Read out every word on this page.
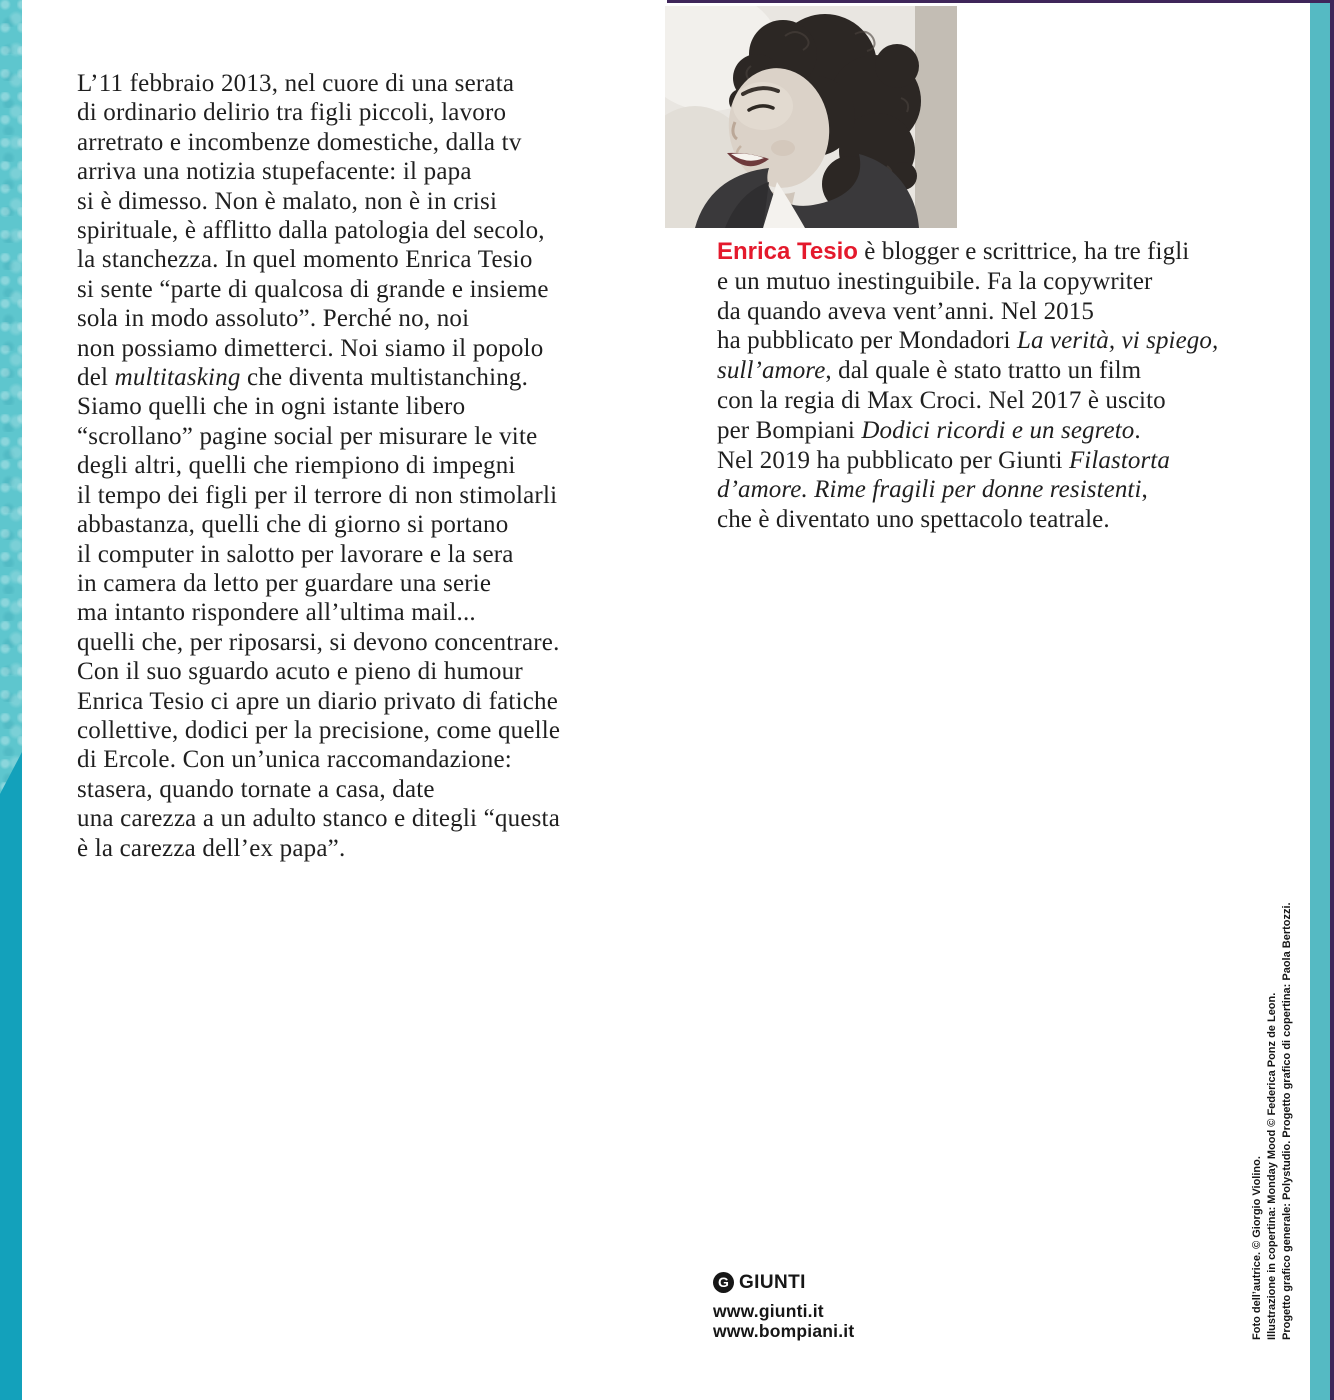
L’11 febbraio 2013, nel cuore di una serata
di ordinario delirio tra figli piccoli, lavoro
arretrato e incombenze domestiche, dalla tv
arriva una notizia stupefacente: il papa
si è dimesso. Non è malato, non è in crisi
spirituale, è afflitto dalla patologia del secolo,
la stanchezza. In quel momento Enrica Tesio
si sente “parte di qualcosa di grande e insieme
sola in modo assoluto”. Perché no, noi
non possiamo dimetterci. Noi siamo il popolo
del multitasking che diventa multistanching.
Siamo quelli che in ogni istante libero
“scrollano” pagine social per misurare le vite
degli altri, quelli che riempiono di impegni
il tempo dei figli per il terrore di non stimolarli
abbastanza, quelli che di giorno si portano
il computer in salotto per lavorare e la sera
in camera da letto per guardare una serie
ma intanto rispondere all’ultima mail...
quelli che, per riposarsi, si devono concentrare.
Con il suo sguardo acuto e pieno di humour
Enrica Tesio ci apre un diario privato di fatiche
collettive, dodici per la precisione, come quelle
di Ercole. Con un’unica raccomandazione:
stasera, quando tornate a casa, date
una carezza a un adulto stanco e ditegli “questa
è la carezza dell’ex papa”.
Enrica Tesio è blogger e scrittrice, ha tre figli
e un mutuo inestinguibile. Fa la copywriter
da quando aveva vent’anni. Nel 2015
ha pubblicato per Mondadori La verità, vi spiego,
sull’amore, dal quale è stato tratto un film
con la regia di Max Croci. Nel 2017 è uscito
per Bompiani Dodici ricordi e un segreto.
Nel 2019 ha pubblicato per Giunti Filastorta
d’amore. Rime fragili per donne resistenti,
che è diventato uno spettacolo teatrale.
G GIUNTI
www.giunti.it
www.bompiani.it	Foto dell’autrice. © Giorgio Violino. Illustrazione in copertina: Monday Mood © Federica Ponz de Leon. Progetto grafico generale: Polystudio. Progetto grafico di copertina: Paola Bertozzi.
